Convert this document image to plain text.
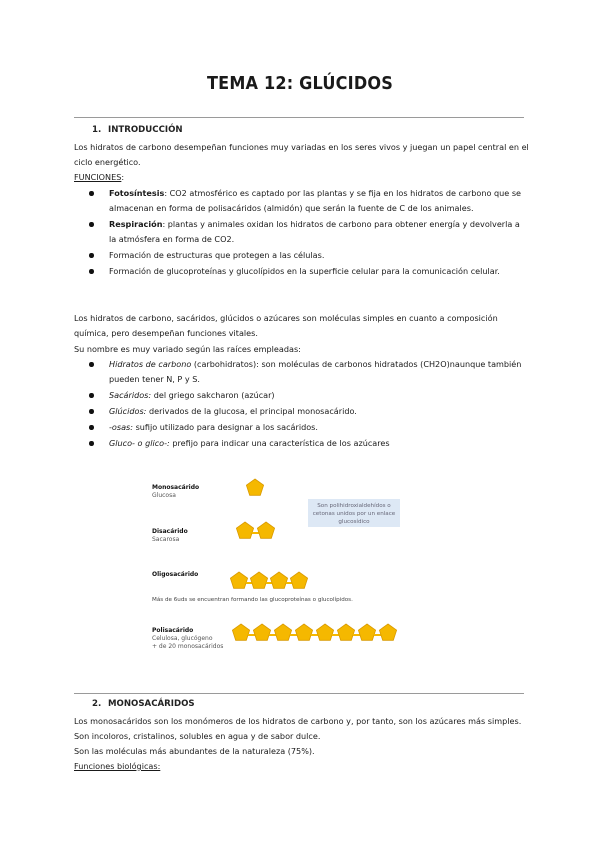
TEMA 12: GLÚCIDOS
1. INTRODUCCIÓN
Los hidratos de carbono desempeñan funciones muy variadas en los seres vivos y juegan un papel central en el ciclo energético.
FUNCIONES:
Fotosíntesis: CO2 atmosférico es captado por las plantas y se fija en los hidratos de carbono que se almacenan en forma de polisacáridos (almidón) que serán la fuente de C de los animales.
Respiración: plantas y animales oxidan los hidratos de carbono para obtener energía y devolverla a la atmósfera en forma de CO2.
Formación de estructuras que protegen a las células.
Formación de glucoproteínas y glucolípidos en la superficie celular para la comunicación celular.
Los hidratos de carbono, sacáridos, glúcidos o azúcares son moléculas simples en cuanto a composición química, pero desempeñan funciones vitales.
Su nombre es muy variado según las raíces empleadas:
Hidratos de carbono (carbohidratos): son moléculas de carbonos hidratados (CH2O)naunque también pueden tener N, P y S.
Sacáridos: del griego sakcharon (azúcar)
Glúcidos: derivados de la glucosa, el principal monosacárido.
-osas: sufijo utilizado para designar a los sacáridos.
Gluco- o glico-: prefijo para indicar una característica de los azúcares
Monosacárido
Glucosa
Disacárido
Sacarosa
Oligosacárido
Más de 6uds se encuentran formando las glucoproteínas o glucolípidos.
Polisacárido
Celulosa, glucógeno
+ de 20 monosacáridos
Son polihidroxialdehídos o cetonas unidos por un enlace glucosídico
2. MONOSACÁRIDOS
Los monosacáridos son los monómeros de los hidratos de carbono y, por tanto, son los azúcares más simples. Son incoloros, cristalinos, solubles en agua y de sabor dulce.
Son las moléculas más abundantes de la naturaleza (75%).
Funciones biológicas:
